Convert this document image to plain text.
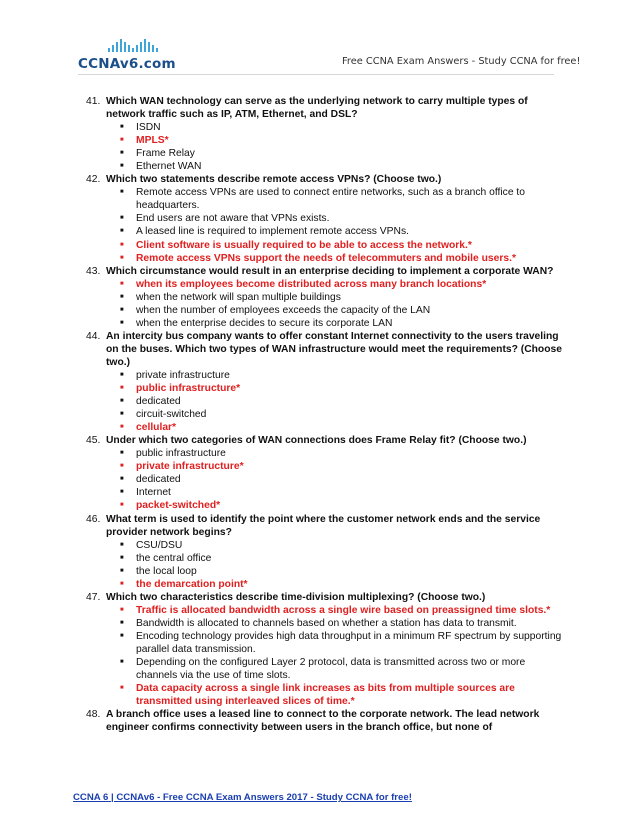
CCNAv6.com	Free CCNA Exam Answers - Study CCNA for free!
41. Which WAN technology can serve as the underlying network to carry multiple types of network traffic such as IP, ATM, Ethernet, and DSL?
■	ISDN
■	MPLS*
■	Frame Relay
■	Ethernet WAN
42. Which two statements describe remote access VPNs? (Choose two.)
■	Remote access VPNs are used to connect entire networks, such as a branch office to headquarters.
■	End users are not aware that VPNs exists.
■	A leased line is required to implement remote access VPNs.
■	Client software is usually required to be able to access the network.*
■	Remote access VPNs support the needs of telecommuters and mobile users.*
43. Which circumstance would result in an enterprise deciding to implement a corporate WAN?
■	when its employees become distributed across many branch locations*
■	when the network will span multiple buildings
■	when the number of employees exceeds the capacity of the LAN
■	when the enterprise decides to secure its corporate LAN
44. An intercity bus company wants to offer constant Internet connectivity to the users traveling on the buses. Which two types of WAN infrastructure would meet the requirements? (Choose two.)
■	private infrastructure
■	public infrastructure*
■	dedicated
■	circuit-switched
■	cellular*
45. Under which two categories of WAN connections does Frame Relay fit? (Choose two.)
■	public infrastructure
■	private infrastructure*
■	dedicated
■	Internet
■	packet-switched*
46. What term is used to identify the point where the customer network ends and the service provider network begins?
■	CSU/DSU
■	the central office
■	the local loop
■	the demarcation point*
47. Which two characteristics describe time-division multiplexing? (Choose two.)
■	Traffic is allocated bandwidth across a single wire based on preassigned time slots.*
■	Bandwidth is allocated to channels based on whether a station has data to transmit.
■	Encoding technology provides high data throughput in a minimum RF spectrum by supporting parallel data transmission.
■	Depending on the configured Layer 2 protocol, data is transmitted across two or more channels via the use of time slots.
■	Data capacity across a single link increases as bits from multiple sources are transmitted using interleaved slices of time.*
48. A branch office uses a leased line to connect to the corporate network. The lead network engineer confirms connectivity between users in the branch office, but none of
CCNA 6 | CCNAv6 - Free CCNA Exam Answers 2017 - Study CCNA for free!
